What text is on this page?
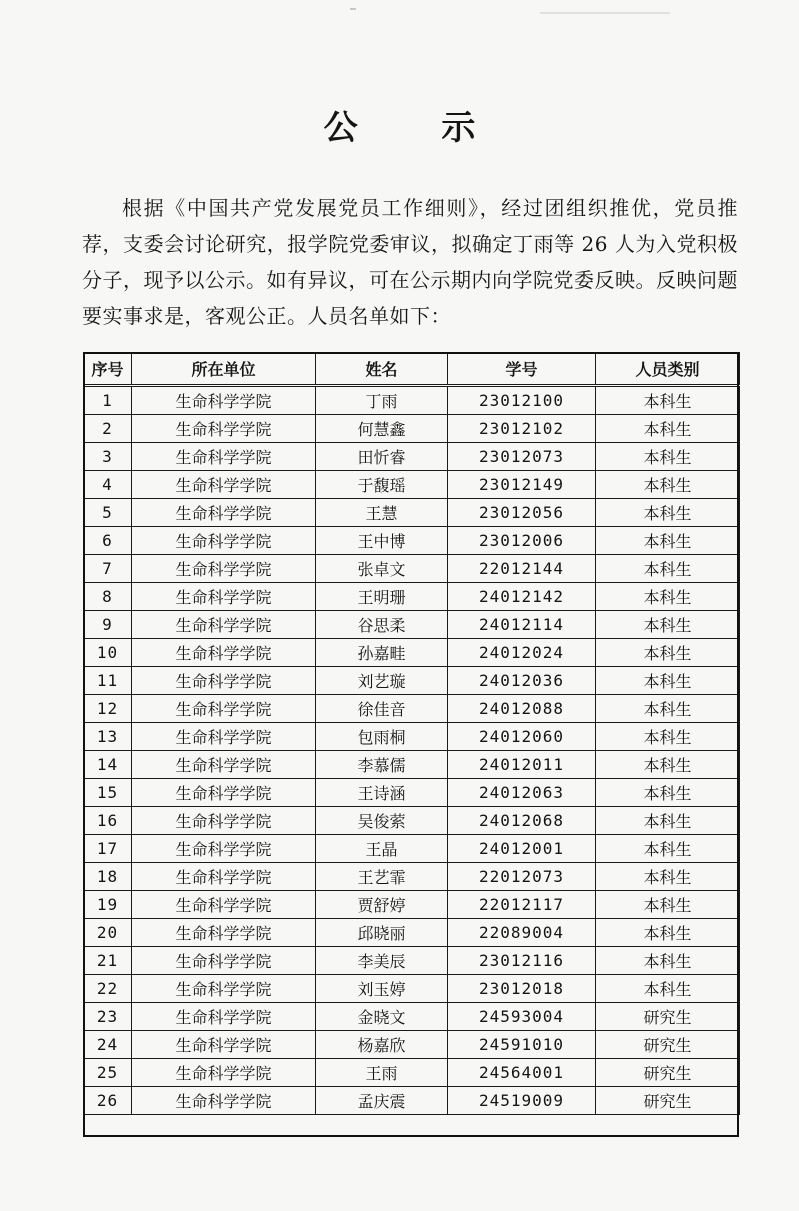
公 示
根据《中国共产党发展党员工作细则》，经过团组织推优，党员推荐，支委会讨论研究，报学院党委审议，拟确定丁雨等 26 人为入党积极分子，现予以公示。如有异议，可在公示期内向学院党委反映。反映问题要实事求是，客观公正。人员名单如下：
序号	所在单位	姓名	学号	人员类别
1	生命科学学院	丁雨	23012100	本科生
2	生命科学学院	何慧鑫	23012102	本科生
3	生命科学学院	田忻睿	23012073	本科生
4	生命科学学院	于馥瑶	23012149	本科生
5	生命科学学院	王慧	23012056	本科生
6	生命科学学院	王中博	23012006	本科生
7	生命科学学院	张卓文	22012144	本科生
8	生命科学学院	王明珊	24012142	本科生
9	生命科学学院	谷思柔	24012114	本科生
10	生命科学学院	孙嘉畦	24012024	本科生
11	生命科学学院	刘艺璇	24012036	本科生
12	生命科学学院	徐佳音	24012088	本科生
13	生命科学学院	包雨桐	24012060	本科生
14	生命科学学院	李慕儒	24012011	本科生
15	生命科学学院	王诗涵	24012063	本科生
16	生命科学学院	吴俊萦	24012068	本科生
17	生命科学学院	王晶	24012001	本科生
18	生命科学学院	王艺霏	22012073	本科生
19	生命科学学院	贾舒婷	22012117	本科生
20	生命科学学院	邱晓丽	22089004	本科生
21	生命科学学院	李美辰	23012116	本科生
22	生命科学学院	刘玉婷	23012018	本科生
23	生命科学学院	金晓文	24593004	研究生
24	生命科学学院	杨嘉欣	24591010	研究生
25	生命科学学院	王雨	24564001	研究生
26	生命科学学院	孟庆震	24519009	研究生
